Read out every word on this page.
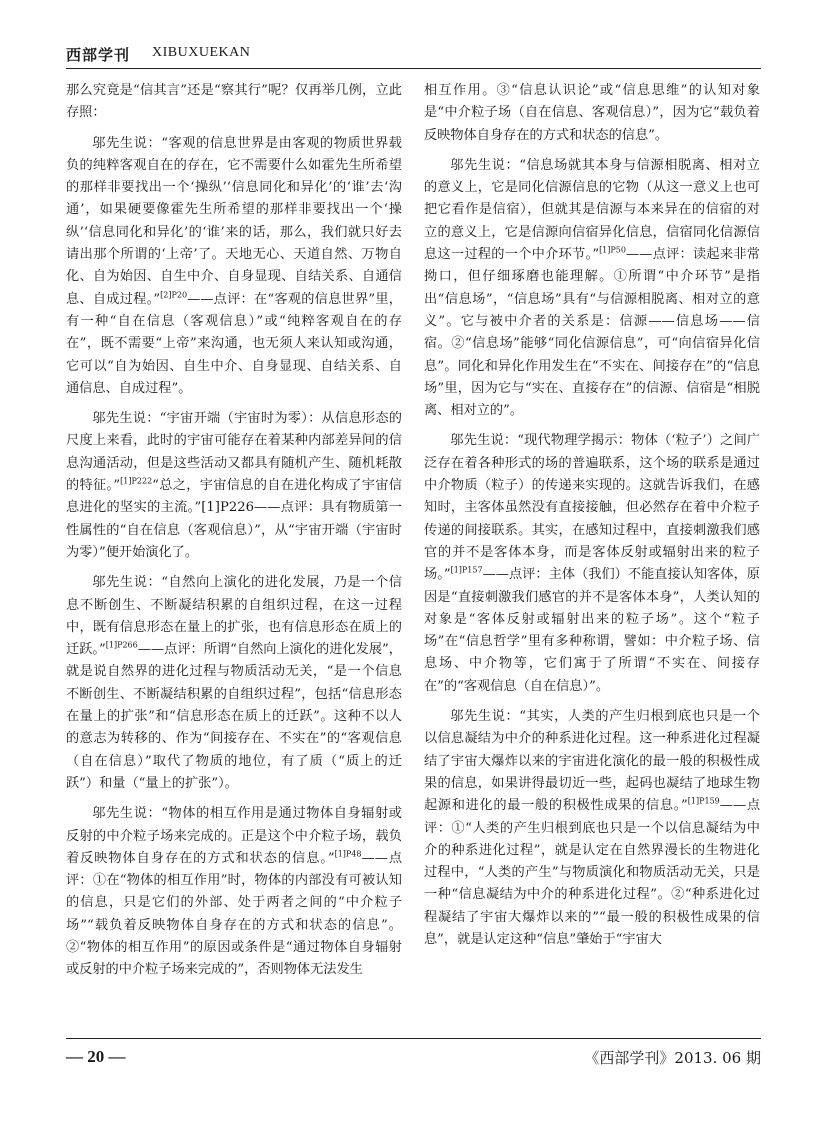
西部学刊 XIBUXUEKAN

那么究竟是“信其言”还是“察其行”呢？仅再举几例，立此存照：

邬先生说：“客观的信息世界是由客观的物质世界载负的纯粹客观自在的存在，它不需要什么如霍先生所希望的那样非要找出一个‘操纵’‘信息同化和异化’的‘谁’去‘沟通’，如果硬要像霍先生所希望的那样非要找出一个‘操纵’‘信息同化和异化’的‘谁’来的话，那么，我们就只好去请出那个所谓的‘上帝’了。天地无心、天道自然、万物自化、自为始因、自生中介、自身显现、自结关系、自通信息、自成过程。”$^{[2]P20}$——点评：在“客观的信息世界”里，有一种“自在信息（客观信息）”或“纯粹客观自在的存在”，既不需要“上帝”来沟通，也无须人来认知或沟通，它可以“自为始因、自生中介、自身显现、自结关系、自通信息、自成过程”。

邬先生说：“宇宙开端（宇宙时为零）：从信息形态的尺度上来看，此时的宇宙可能存在着某种内部差异间的信息沟通活动，但是这些活动又都具有随机产生、随机耗散的特征。”$^{[1]P222}$“总之，宇宙信息的自在进化构成了宇宙信息进化的坚实的主流。”[1]P226——点评：具有物质第一性属性的“自在信息（客观信息）”，从“宇宙开端（宇宙时为零）”便开始演化了。

邬先生说：“自然向上演化的进化发展，乃是一个信息不断创生、不断凝结积累的自组织过程，在这一过程中，既有信息形态在量上的扩张，也有信息形态在质上的迁跃。”$^{[1]P266}$——点评：所谓“自然向上演化的进化发展”，就是说自然界的进化过程与物质活动无关，“是一个信息不断创生、不断凝结积累的自组织过程”，包括“信息形态在量上的扩张”和“信息形态在质上的迁跃”。这种不以人的意志为转移的、作为“间接存在、不实在”的“客观信息（自在信息）”取代了物质的地位，有了质（“质上的迁跃”）和量（“量上的扩张”）。

邬先生说：“物体的相互作用是通过物体自身辐射或反射的中介粒子场来完成的。正是这个中介粒子场，载负着反映物体自身存在的方式和状态的信息。”$^{[1]P48}$——点评：①在“物体的相互作用”时，物体的内部没有可被认知的信息，只是它们的外部、处于两者之间的“中介粒子场”“载负着反映物体自身存在的方式和状态的信息”。②“物体的相互作用”的原因或条件是“通过物体自身辐射或反射的中介粒子场来完成的”，否则物体无法发生

相互作用。③“信息认识论”或“信息思维”的认知对象是“中介粒子场（自在信息、客观信息）”，因为它“载负着反映物体自身存在的方式和状态的信息”。

邬先生说：“信息场就其本身与信源相脱离、相对立的意义上，它是同化信源信息的它物（从这一意义上也可把它看作是信宿），但就其是信源与本来异在的信宿的对立的意义上，它是信源向信宿异化信息，信宿同化信源信息这一过程的一个中介环节。”$^{[1]P50}$——点评：读起来非常拗口，但仔细琢磨也能理解。①所谓“中介环节”是指出“信息场”，“信息场”具有“与信源相脱离、相对立的意义”。它与被中介者的关系是：信源——信息场——信宿。②“信息场”能够“同化信源信息”，可“向信宿异化信息”。同化和异化作用发生在“不实在、间接存在”的“信息场”里，因为它与“实在、直接存在”的信源、信宿是“相脱离、相对立的”。

邬先生说：“现代物理学揭示：物体（‘粒子’）之间广泛存在着各种形式的场的普遍联系，这个场的联系是通过中介物质（粒子）的传递来实现的。这就告诉我们，在感知时，主客体虽然没有直接接触，但必然存在着中介粒子传递的间接联系。其实，在感知过程中，直接刺激我们感官的并不是客体本身，而是客体反射或辐射出来的粒子场。”$^{[1]P157}$——点评：主体（我们）不能直接认知客体，原因是“直接刺激我们感官的并不是客体本身”，人类认知的对象是“客体反射或辐射出来的粒子场”。这个“粒子场”在“信息哲学”里有多种称谓，譬如：中介粒子场、信息场、中介物等，它们寓于了所谓“不实在、间接存在”的“客观信息（自在信息）”。

邬先生说：“其实，人类的产生归根到底也只是一个以信息凝结为中介的种系进化过程。这一种系进化过程凝结了宇宙大爆炸以来的宇宙进化演化的最一般的积极性成果的信息，如果讲得最切近一些，起码也凝结了地球生物起源和进化的最一般的积极性成果的信息。”$^{[1]P159}$——点评：①“人类的产生归根到底也只是一个以信息凝结为中介的种系进化过程”，就是认定在自然界漫长的生物进化过程中，“人类的产生”与物质演化和物质活动无关，只是一种“信息凝结为中介的种系进化过程”。②“种系进化过程凝结了宇宙大爆炸以来的”“最一般的积极性成果的信息”，就是认定这种“信息”肇始于“宇宙大

— 20 —	《西部学刊》2013. 06 期
